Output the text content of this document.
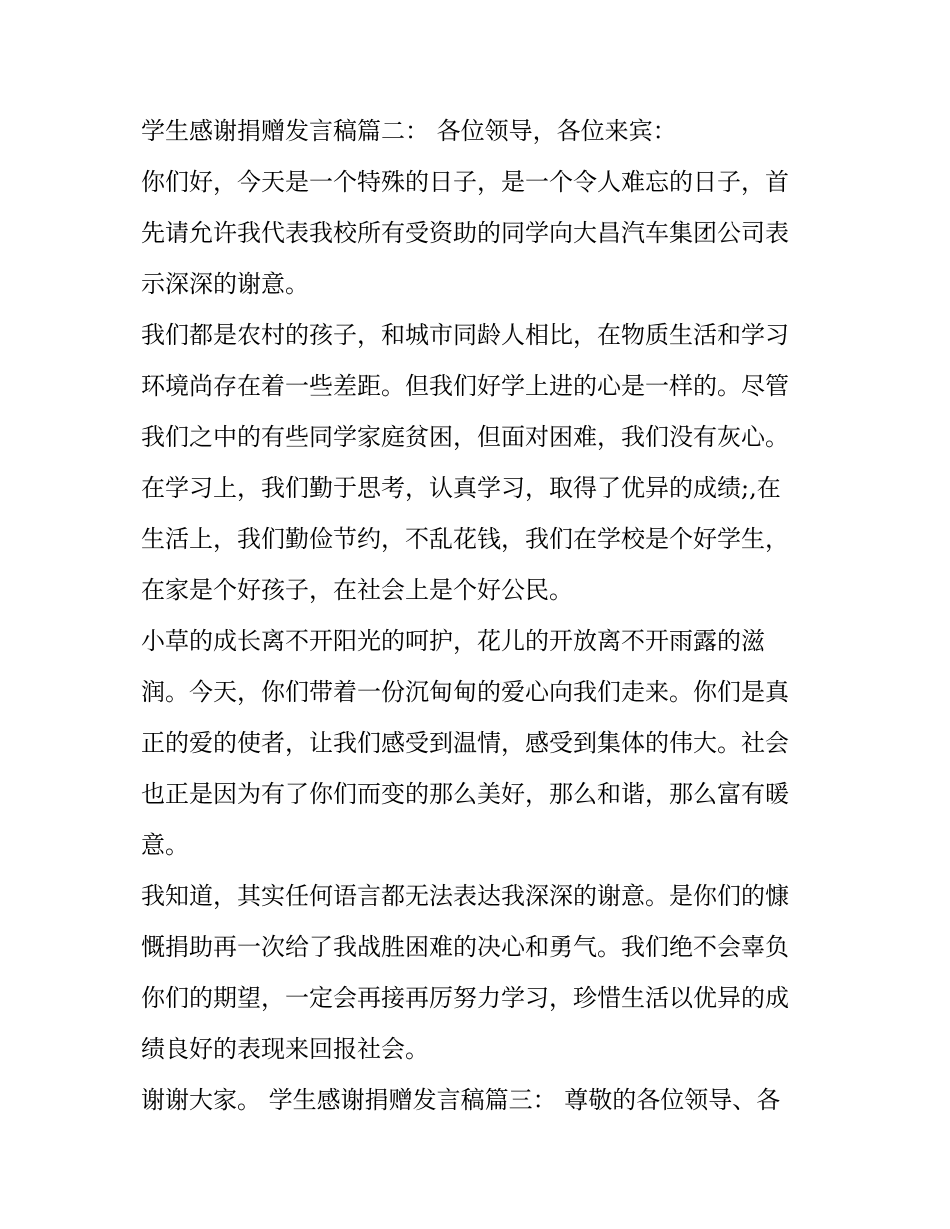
学生感谢捐赠发言稿篇二： 各位领导，各位来宾：
你们好，今天是一个特殊的日子，是一个令人难忘的日子，首
先请允许我代表我校所有受资助的同学向大昌汽车集团公司表
示深深的谢意。
我们都是农村的孩子，和城市同龄人相比，在物质生活和学习
环境尚存在着一些差距。但我们好学上进的心是一样的。尽管
我们之中的有些同学家庭贫困，但面对困难，我们没有灰心。
在学习上，我们勤于思考，认真学习，取得了优异的成绩;,在
生活上，我们勤俭节约，不乱花钱，我们在学校是个好学生，
在家是个好孩子，在社会上是个好公民。
小草的成长离不开阳光的呵护，花儿的开放离不开雨露的滋
润。今天，你们带着一份沉甸甸的爱心向我们走来。你们是真
正的爱的使者，让我们感受到温情，感受到集体的伟大。社会
也正是因为有了你们而变的那么美好，那么和谐，那么富有暖
意。
我知道，其实任何语言都无法表达我深深的谢意。是你们的慷
慨捐助再一次给了我战胜困难的决心和勇气。我们绝不会辜负
你们的期望，一定会再接再厉努力学习，珍惜生活以优异的成
绩良好的表现来回报社会。
谢谢大家。 学生感谢捐赠发言稿篇三： 尊敬的各位领导、各
